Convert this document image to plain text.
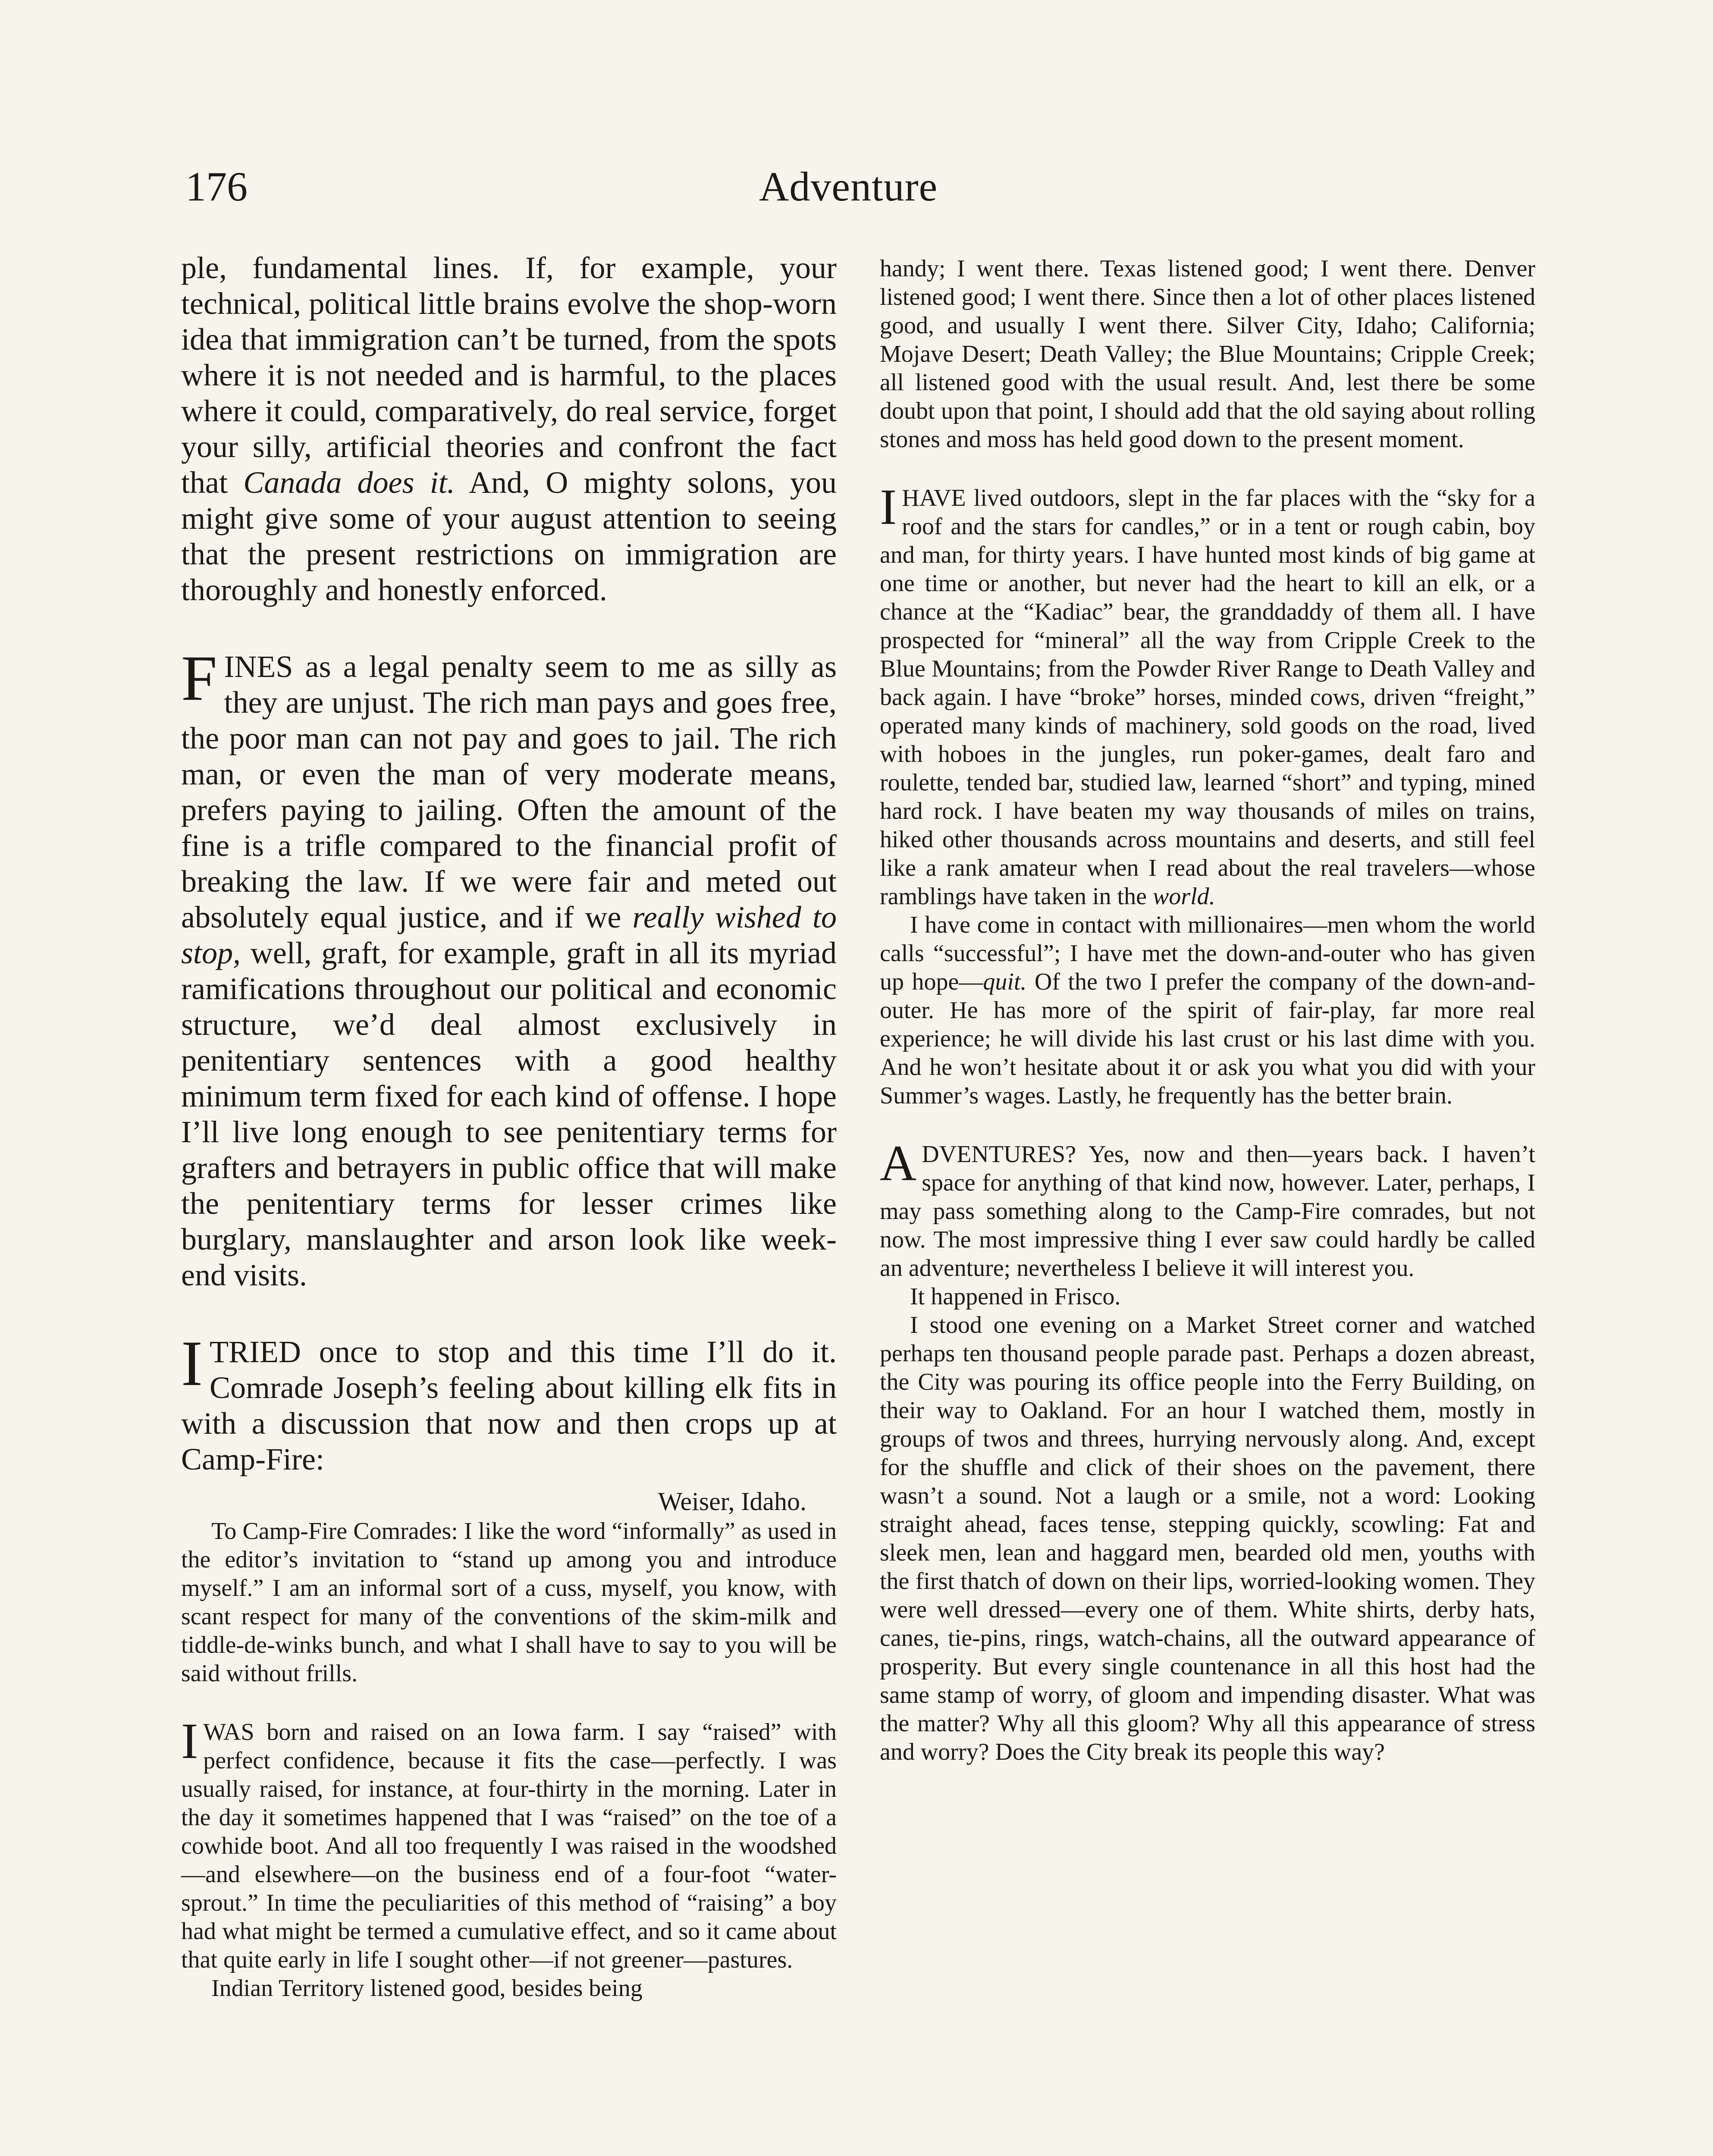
176	Adventure

ple, fundamental lines. If, for example, your technical, political little brains evolve the shop-worn idea that immigration can’t be turned, from the spots where it is not needed and is harmful, to the places where it could, comparatively, do real service, forget your silly, artificial theories and confront the fact that Canada does it. And, O mighty solons, you might give some of your august attention to seeing that the present restrictions on immigration are thoroughly and honestly enforced.

FINES as a legal penalty seem to me as silly as they are unjust. The rich man pays and goes free, the poor man can not pay and goes to jail. The rich man, or even the man of very moderate means, prefers paying to jailing. Often the amount of the fine is a trifle compared to the financial profit of breaking the law. If we were fair and meted out absolutely equal justice, and if we really wished to stop, well, graft, for example, graft in all its myriad ramifications throughout our political and economic structure, we’d deal almost exclusively in penitentiary sentences with a good healthy minimum term fixed for each kind of offense. I hope I’ll live long enough to see penitentiary terms for grafters and betrayers in public office that will make the penitentiary terms for lesser crimes like burglary, manslaughter and arson look like week-end visits.

I TRIED once to stop and this time I’ll do it. Comrade Joseph’s feeling about killing elk fits in with a discussion that now and then crops up at Camp-Fire:

Weiser, Idaho.

To Camp-Fire Comrades: I like the word “informally” as used in the editor’s invitation to “stand up among you and introduce myself.” I am an informal sort of a cuss, myself, you know, with scant respect for many of the conventions of the skim-milk and tiddle-de-winks bunch, and what I shall have to say to you will be said without frills.

I WAS born and raised on an Iowa farm. I say “raised” with perfect confidence, because it fits the case—perfectly. I was usually raised, for instance, at four-thirty in the morning. Later in the day it sometimes happened that I was “raised” on the toe of a cowhide boot. And all too frequently I was raised in the woodshed—and elsewhere—on the business end of a four-foot “water-sprout.” In time the peculiarities of this method of “raising” a boy had what might be termed a cumulative effect, and so it came about that quite early in life I sought other—if not greener—pastures.

Indian Territory listened good, besides being

handy; I went there. Texas listened good; I went there. Denver listened good; I went there. Since then a lot of other places listened good, and usually I went there. Silver City, Idaho; California; Mojave Desert; Death Valley; the Blue Mountains; Cripple Creek; all listened good with the usual result. And, lest there be some doubt upon that point, I should add that the old saying about rolling stones and moss has held good down to the present moment.

I HAVE lived outdoors, slept in the far places with the “sky for a roof and the stars for candles,” or in a tent or rough cabin, boy and man, for thirty years. I have hunted most kinds of big game at one time or another, but never had the heart to kill an elk, or a chance at the “Kadiac” bear, the granddaddy of them all. I have prospected for “mineral” all the way from Cripple Creek to the Blue Mountains; from the Powder River Range to Death Valley and back again. I have “broke” horses, minded cows, driven “freight,” operated many kinds of machinery, sold goods on the road, lived with hoboes in the jungles, run poker-games, dealt faro and roulette, tended bar, studied law, learned “short” and typing, mined hard rock. I have beaten my way thousands of miles on trains, hiked other thousands across mountains and deserts, and still feel like a rank amateur when I read about the real travelers—whose ramblings have taken in the world.

I have come in contact with millionaires—men whom the world calls “successful”; I have met the down-and-outer who has given up hope—quit. Of the two I prefer the company of the down-and-outer. He has more of the spirit of fair-play, far more real experience; he will divide his last crust or his last dime with you. And he won’t hesitate about it or ask you what you did with your Summer’s wages. Lastly, he frequently has the better brain.

ADVENTURES? Yes, now and then—years back. I haven’t space for anything of that kind now, however. Later, perhaps, I may pass something along to the Camp-Fire comrades, but not now. The most impressive thing I ever saw could hardly be called an adventure; nevertheless I believe it will interest you.

It happened in Frisco.

I stood one evening on a Market Street corner and watched perhaps ten thousand people parade past. Perhaps a dozen abreast, the City was pouring its office people into the Ferry Building, on their way to Oakland. For an hour I watched them, mostly in groups of twos and threes, hurrying nervously along. And, except for the shuffle and click of their shoes on the pavement, there wasn’t a sound. Not a laugh or a smile, not a word: Looking straight ahead, faces tense, stepping quickly, scowling: Fat and sleek men, lean and haggard men, bearded old men, youths with the first thatch of down on their lips, worried-looking women. They were well dressed—every one of them. White shirts, derby hats, canes, tie-pins, rings, watch-chains, all the outward appearance of prosperity. But every single countenance in all this host had the same stamp of worry, of gloom and impending disaster. What was the matter? Why all this gloom? Why all this appearance of stress and worry? Does the City break its people this way?
